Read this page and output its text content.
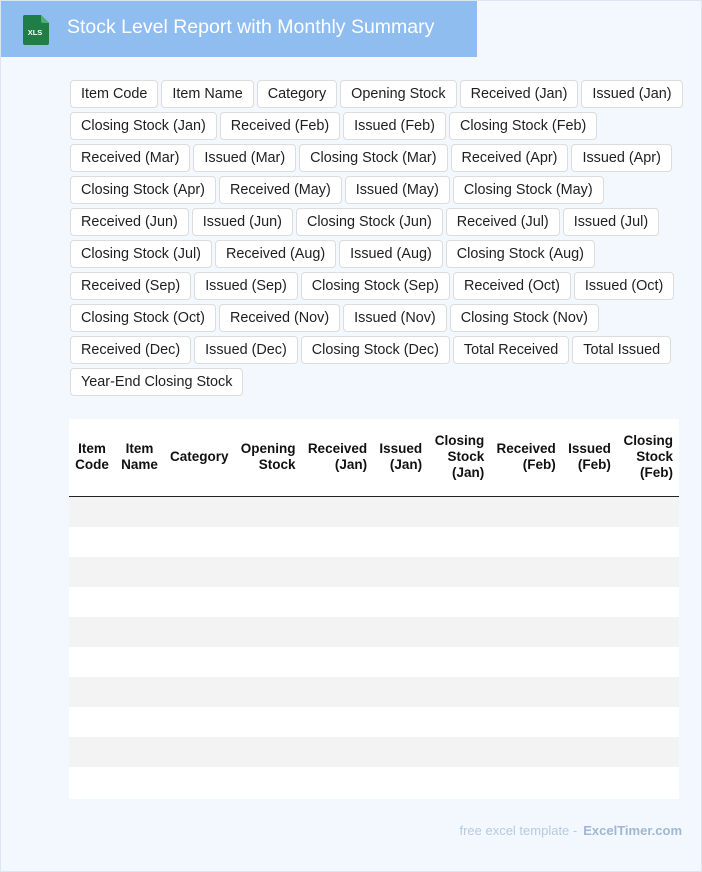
XLS Stock Level Report with Monthly Summary
Item Code	Item Name	Category	Opening Stock	Received (Jan)	Issued (Jan)
Closing Stock (Jan)	Received (Feb)	Issued (Feb)	Closing Stock (Feb)
Received (Mar)	Issued (Mar)	Closing Stock (Mar)	Received (Apr)	Issued (Apr)
Closing Stock (Apr)	Received (May)	Issued (May)	Closing Stock (May)
Received (Jun)	Issued (Jun)	Closing Stock (Jun)	Received (Jul)	Issued (Jul)
Closing Stock (Jul)	Received (Aug)	Issued (Aug)	Closing Stock (Aug)
Received (Sep)	Issued (Sep)	Closing Stock (Sep)	Received (Oct)	Issued (Oct)
Closing Stock (Oct)	Received (Nov)	Issued (Nov)	Closing Stock (Nov)
Received (Dec)	Issued (Dec)	Closing Stock (Dec)	Total Received	Total Issued
Year-End Closing Stock
Item Code	Item Name	Category	Opening Stock	Received (Jan)	Issued (Jan)	Closing Stock (Jan)	Received (Feb)	Issued (Feb)	Closing Stock (Feb)

free excel template - ExcelTimer.com
